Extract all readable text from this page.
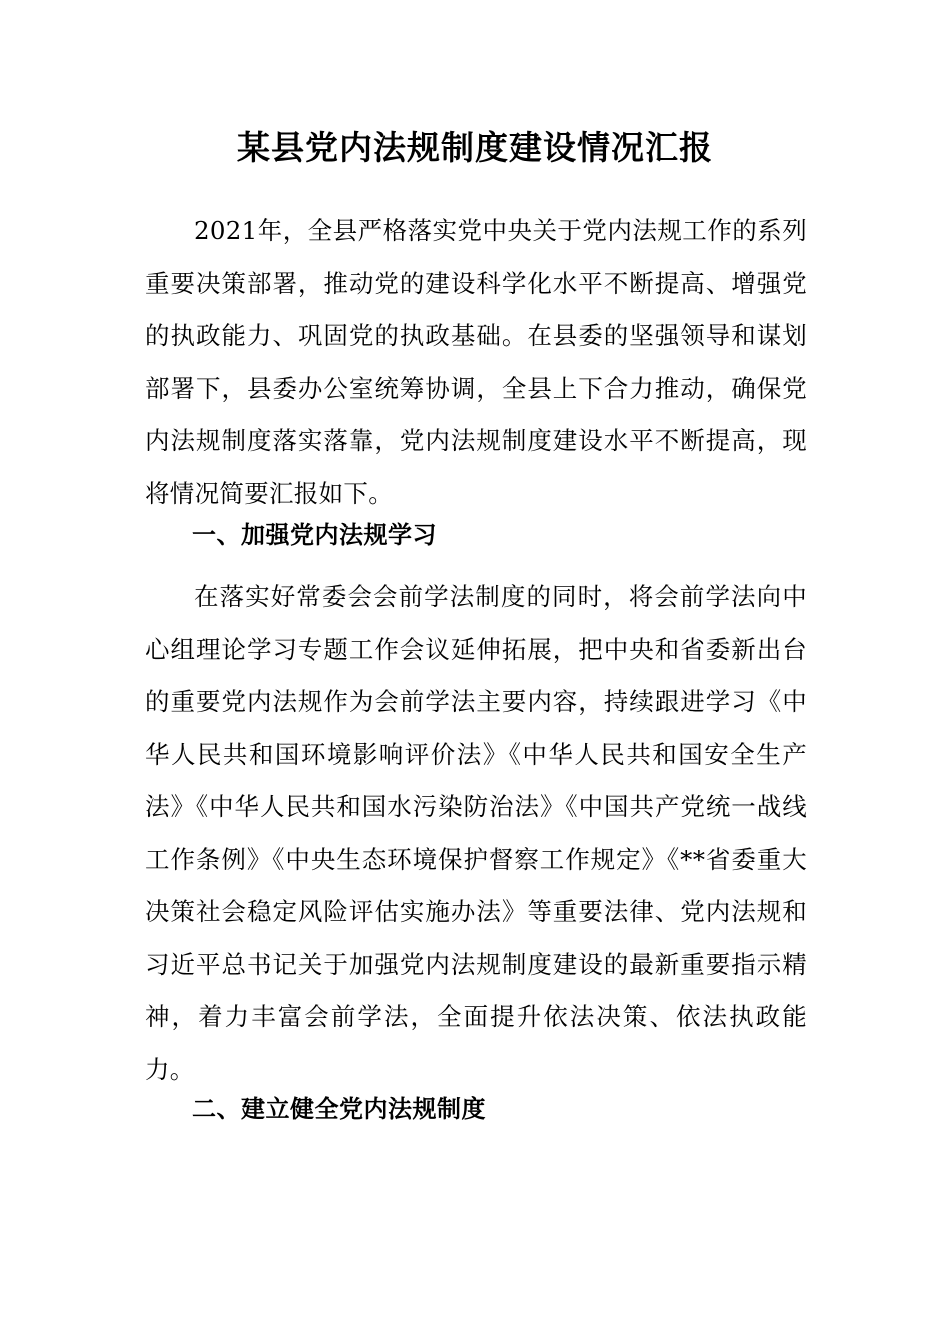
某县党内法规制度建设情况汇报

2021年，全县严格落实党中央关于党内法规工作的系列重要决策部署，推动党的建设科学化水平不断提高、增强党的执政能力、巩固党的执政基础。在县委的坚强领导和谋划部署下，县委办公室统筹协调，全县上下合力推动，确保党内法规制度落实落靠，党内法规制度建设水平不断提高，现将情况简要汇报如下。

一、加强党内法规学习

在落实好常委会会前学法制度的同时，将会前学法向中心组理论学习专题工作会议延伸拓展，把中央和省委新出台的重要党内法规作为会前学法主要内容，持续跟进学习《中华人民共和国环境影响评价法》《中华人民共和国安全生产法》《中华人民共和国水污染防治法》《中国共产党统一战线工作条例》《中央生态环境保护督察工作规定》《**省委重大决策社会稳定风险评估实施办法》等重要法律、党内法规和习近平总书记关于加强党内法规制度建设的最新重要指示精神，着力丰富会前学法，全面提升依法决策、依法执政能力。

二、建立健全党内法规制度
